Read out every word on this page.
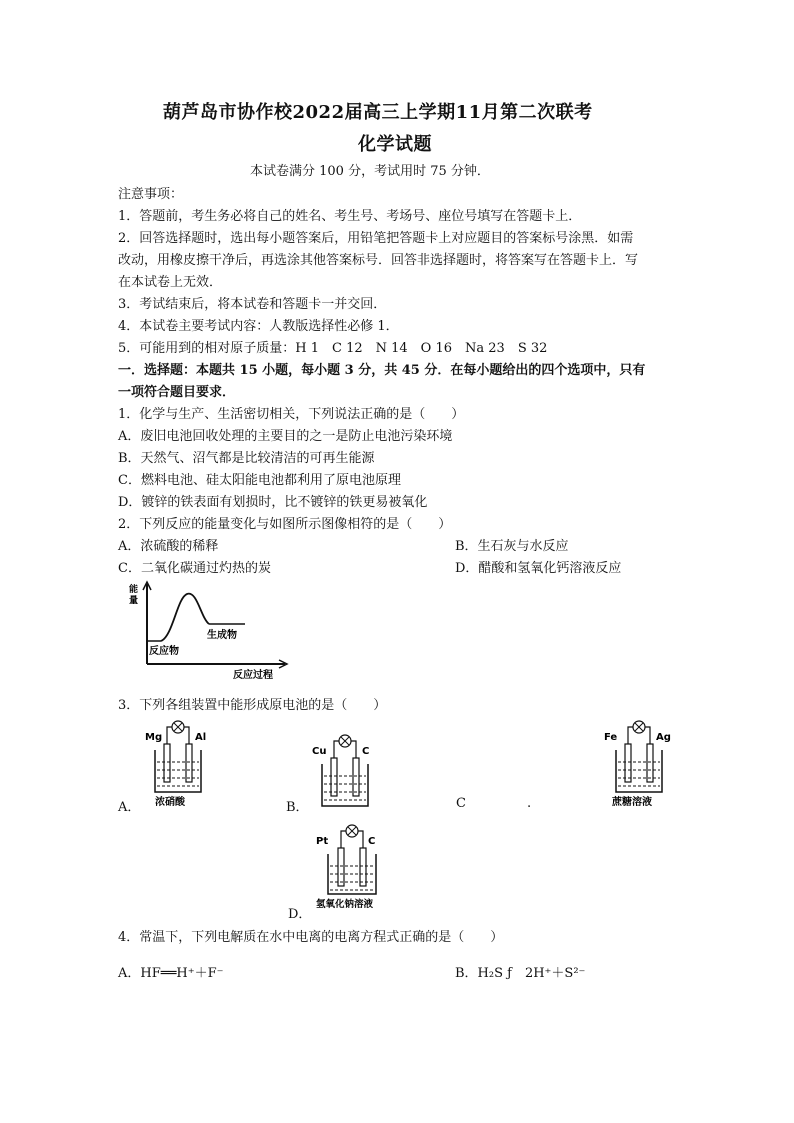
葫芦岛市协作校2022届高三上学期11月第二次联考
化学试题
本试卷满分 100 分，考试用时 75 分钟．
注意事项：
1．答题前，考生务必将自己的姓名、考生号、考场号、座位号填写在答题卡上．
2．回答选择题时，选出每小题答案后，用铅笔把答题卡上对应题目的答案标号涂黑．如需
改动，用橡皮擦干净后，再选涂其他答案标号．回答非选择题时，将答案写在答题卡上．写
在本试卷上无效．
3．考试结束后，将本试卷和答题卡一并交回．
4．本试卷主要考试内容：人教版选择性必修 1．
5．可能用到的相对原子质量：H 1　C 12　N 14　O 16　Na 23　S 32
一．选择题：本题共 15 小题，每小题 3 分，共 45 分．在每小题给出的四个选项中，只有
一项符合题目要求．
1．化学与生产、生活密切相关，下列说法正确的是（　　）
A．废旧电池回收处理的主要目的之一是防止电池污染环境
B．天然气、沼气都是比较清洁的可再生能源
C．燃料电池、硅太阳能电池都利用了原电池原理
D．镀锌的铁表面有划损时，比不镀锌的铁更易被氧化
2．下列反应的能量变化与如图所示图像相符的是（　　）
A．浓硫酸的稀释	B．生石灰与水反应
C．二氧化碳通过灼热的炭	D．醋酸和氢氧化钙溶液反应
能
量
反应物
生成物
反应过程
3．下列各组装置中能形成原电池的是（　　）
Mg	Al
浓硝酸
A．
Cu	C
B．	C	.
Fe	Ag
蔗糖溶液
Pt	C
氢氧化钠溶液
D．
4．常温下，下列电解质在水中电离的电离方程式正确的是（　　）
A．HF══H⁺＋F⁻	B．H₂S ƒ　2H⁺＋S²⁻
